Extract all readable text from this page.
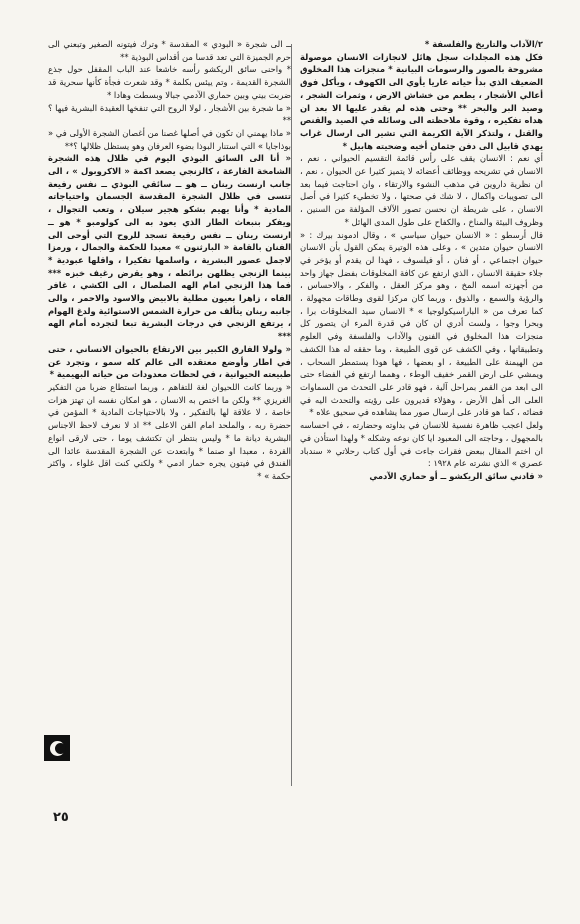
٢/الآداب والتاريخ والفلسفة *

فكل هذه المجلدات سجل هائل لانجازات الانسان موصولة مشروحة بالصور والرسومات البيانية * منجزات هذا المخلوق الضعيف الذي بدأ حياته عاريا يأوي الى الكهوف ، ويأكل فوق أعالي الأشجار ، يطعم من خشاش الارض ، وثمرات الشجر ، وصيد البر والبحر ** وحتى هذه لم يقدر عليها الا بعد ان هداه تفكيره ، وقوة ملاحظته الى وسائله في الصيد والقنص والقتل ، ولتذكر الآية الكريمة التي تشير الى ارسال غراب يهدي قابيل الى دفن جثمان أخيه وضحيته هابيل *

أي نعم : الانسان يقف على رأس قائمة التقسيم الحيواني ، نعم ، الانسان في تشريحه ووظائف أعضائه لا يتميز كثيرا عن الحيوان ، نعم ، ان نظرية داروين في مذهب النشوء والارتقاء ، وان احتاجت فيما بعد الى تصويبات واكمال ، لا شك في صحتها ، ولا تخطيء كثيرا في أصل الانسان ، على شريطة ان نحسن تصور الآلاف المؤلفة من السنين ، وظروف البيئة والمناخ ، والكفاح على طول المدى الهائل *

قال أرسطو : « الانسان حيوان سياسي » ، وقال ادموند بيرك : « الانسان حيوان متدين » ، وعلى هذه الوتيرة يمكن القول بأن الانسان حيوان اجتماعي ، أو فنان ، أو فيلسوف ، فهذا لن يقدم أو يؤخر في جلاء حقيقة الانسان ، الذي ارتفع عن كافة المخلوقات بفضل جهاز واحد من أجهزته اسمه المخ ، وهو مركز العقل ، والفكر ، والاحساس ، والرؤية والسمع ، والذوق ، وربما كان مركزا لقوى وطاقات مجهولة ، كما تعرف من « الباراسيكولوجيا » * الانسان سيد المخلوقات برا ، وبحرا وجوا ، ولست أدري ان كان في قدرة المرء ان يتصور كل منجزات هذا المخلوق في الفنون والآداب والفلسفة وفي العلوم وتطبيقاتها ، وفي الكشف عن قوى الطبيعة ، وما حققه له هذا الكشف من الهيمنة على الطبيعة ، او بعضها ، فها هوذا يستمطر السحاب ، ويمشي على ارض القمر خفيف الوطء ، وهمما ارتفع في الفضاء حتى الى ابعد من القمر بمراحل آلية ، فهو قادر على التحدث من السماوات العلى الى أهل الأرض ، وهؤلاء قديرون على رؤيته والتحدث اليه في فضائه ، كما هو قادر على ارسال صور مما يشاهده في سحيق علاه *

ولعل اعجب ظاهرة نفسية للانسان في بداوته وحضارته ، في احساسه بالمجهول ، وحاجته الى المعبود ايا كان نوعه وشكله * ولهذا استأذن في ان اختم المقال ببعض فقرات جاءت في أول كتاب رحلاتي « سندباد عصري » الذي نشرته عام ١٩٢٨ :

« قادني سائق الريكشو ــ أو حماري الآدمي

ــ الى شجرة « البودي » المقدسة * وترك فيتونه الصغير وتبعني الى حرم الجميزة التي تعد قدسا من أقداس البوذية **

* واحنى سائق الريكشو رأسه خاشعا عند الباب المقفل حول جذع الشجرة القديمة ، وتم ييئس بكلمة * وقد شعرت فجأة كأنها سحرية قد ضربت بيني وبين حماري الآدمي جبالا وبسطت وهادا *

« ما شجرة بين الأشجار ، لولا الروح التي تنفخها العقيدة البشرية فيها ؟**

« ماذا يهمني ان تكون في أصلها غصنا من أغصان الشجرة الأولى في « بوذاجايا » التي استنار البوذا بضوء العرفان وهو يستظل ظلالها ؟**

« أنا الى السائق البوذي اليوم في ظلال هذه الشجرة الشامخة الفارعة ، كالزنجي يصعد اكمة « الاكروبول » ، الى جانب ارنست رينان ــ هو ــ سائقي البوذي ــ نفس رفيعة تتسى في ظلال الشجرة المقدسة الجسمان واحتياجاته المادية * وأنا يهيم بشكو هجير سيلان ، وتعب التجوال ، ويفكر بنبعاث الطار الذي يعود به الى كولومبو * هو ــ ارنست رينان ــ نفس رفيعة تسجد للروح التي أوحى الى الفنان بالقامة « البارثنون » معبدا للحكمة والجمال ، ورمزا لاجمل عصور البشرية ، واسلمها تفكيرا ، واقلها عبودية * بينما الزنجي يظلهن برائطه ، وهو يقرض رغيف خبزه *** فما هذا الزنجي امام الهه الصلصال ، الى الكشي ، غافر الفاه ، زاهرا بعيون مطلية بالابيض والاسود والاحمر ، والى جانبه رينان يتألف من حرارة الشمس الاستوائية ولدغ الهوام ، يرتفع الزنجي في درجات البشرية تبعا لتجرده أمام الهه ***

« ولولا الفارق الكبير بين الارتقاع بالحيوان الانساني ، حتى في اطار وأوضع معتقده الى عالم كله سمو ، وتجرد عن طبيعته الحيوانية ، في لحظات معدودات من حياته البهيمية *

« وربما كانت اللحيوان لغة للتفاهم ، وربما استطاع ضربا من التفكير الغريزي ** ولكن ما اختص به الانسان ، هو امكان نفسه ان تهتز هزات خاصة ، لا علاقة لها بالتفكير ، ولا بالاحتياجات المادية * المؤمن في حضرة ربه ، والملحد امام الفن الاعلى ** اذ لا نعرف لاحظ الاجناس البشرية ديانة ما * وليس بنتظر ان تكتشف يوما ، حتى لارقى انواع القردة ، معبدا او صنما * وابتعدت عن الشجرة المقدسة عائدا الى الفندق في فيتون يجره حمار ادمي * ولكني كنت اقل غلواء ، واكثر حكمة » *

٢٥
